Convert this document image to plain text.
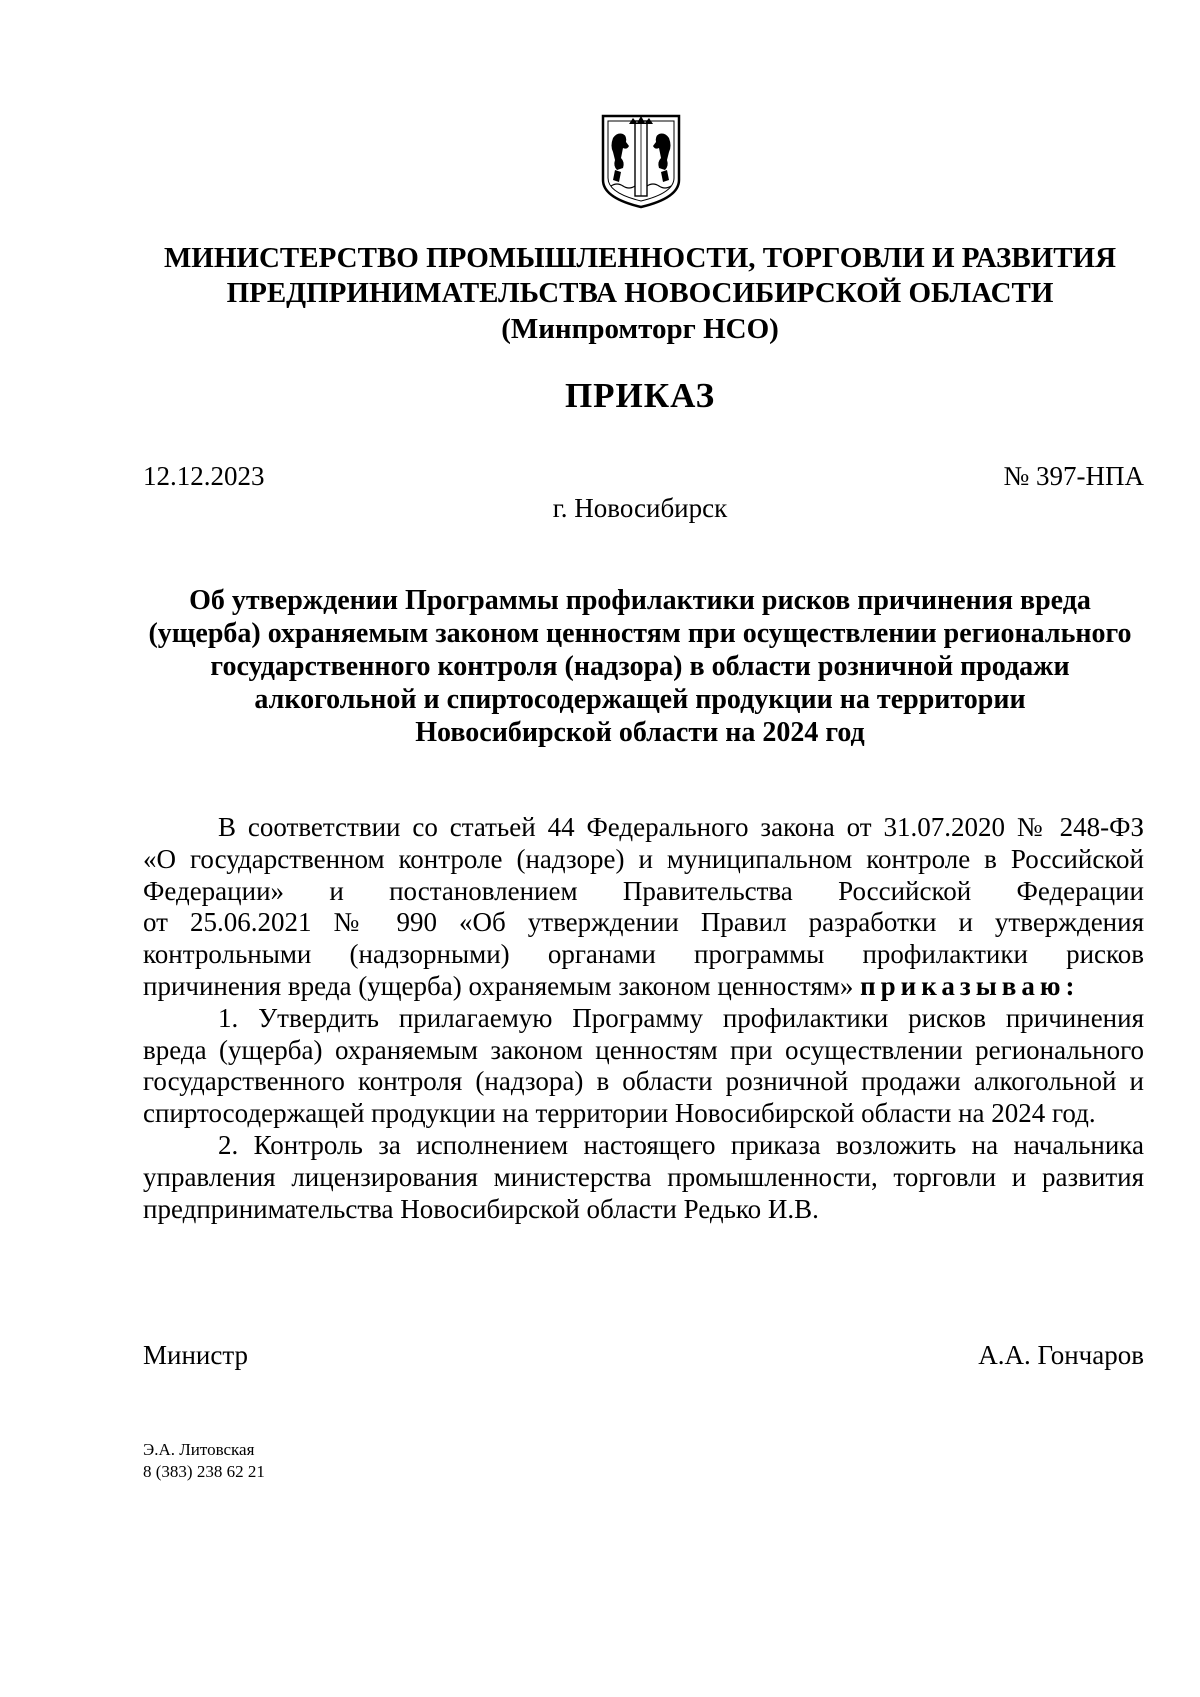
МИНИСТЕРСТВО ПРОМЫШЛЕННОСТИ, ТОРГОВЛИ И РАЗВИТИЯ
ПРЕДПРИНИМАТЕЛЬСТВА НОВОСИБИРСКОЙ ОБЛАСТИ
(Минпромторг НСО)
ПРИКАЗ
12.12.2023	№ 397-НПА
г. Новосибирск
Об утверждении Программы профилактики рисков причинения вреда
(ущерба) охраняемым законом ценностям при осуществлении регионального
государственного контроля (надзора) в области розничной продажи
алкогольной и спиртосодержащей продукции на территории
Новосибирской области на 2024 год
В соответствии со статьей 44 Федерального закона от 31.07.2020 № 248-ФЗ
«О государственном контроле (надзоре) и муниципальном контроле в Российской
Федерации» и постановлением Правительства Российской Федерации
от 25.06.2021 № 990 «Об утверждении Правил разработки и утверждения
контрольными (надзорными) органами программы профилактики рисков
причинения вреда (ущерба) охраняемым законом ценностям» приказываю:
1. Утвердить прилагаемую Программу профилактики рисков причинения
вреда (ущерба) охраняемым законом ценностям при осуществлении регионального
государственного контроля (надзора) в области розничной продажи алкогольной и
спиртосодержащей продукции на территории Новосибирской области на 2024 год.
2. Контроль за исполнением настоящего приказа возложить на начальника
управления лицензирования министерства промышленности, торговли и развития
предпринимательства Новосибирской области Редько И.В.
Министр	А.А. Гончаров
Э.А. Литовская
8 (383) 238 62 21
